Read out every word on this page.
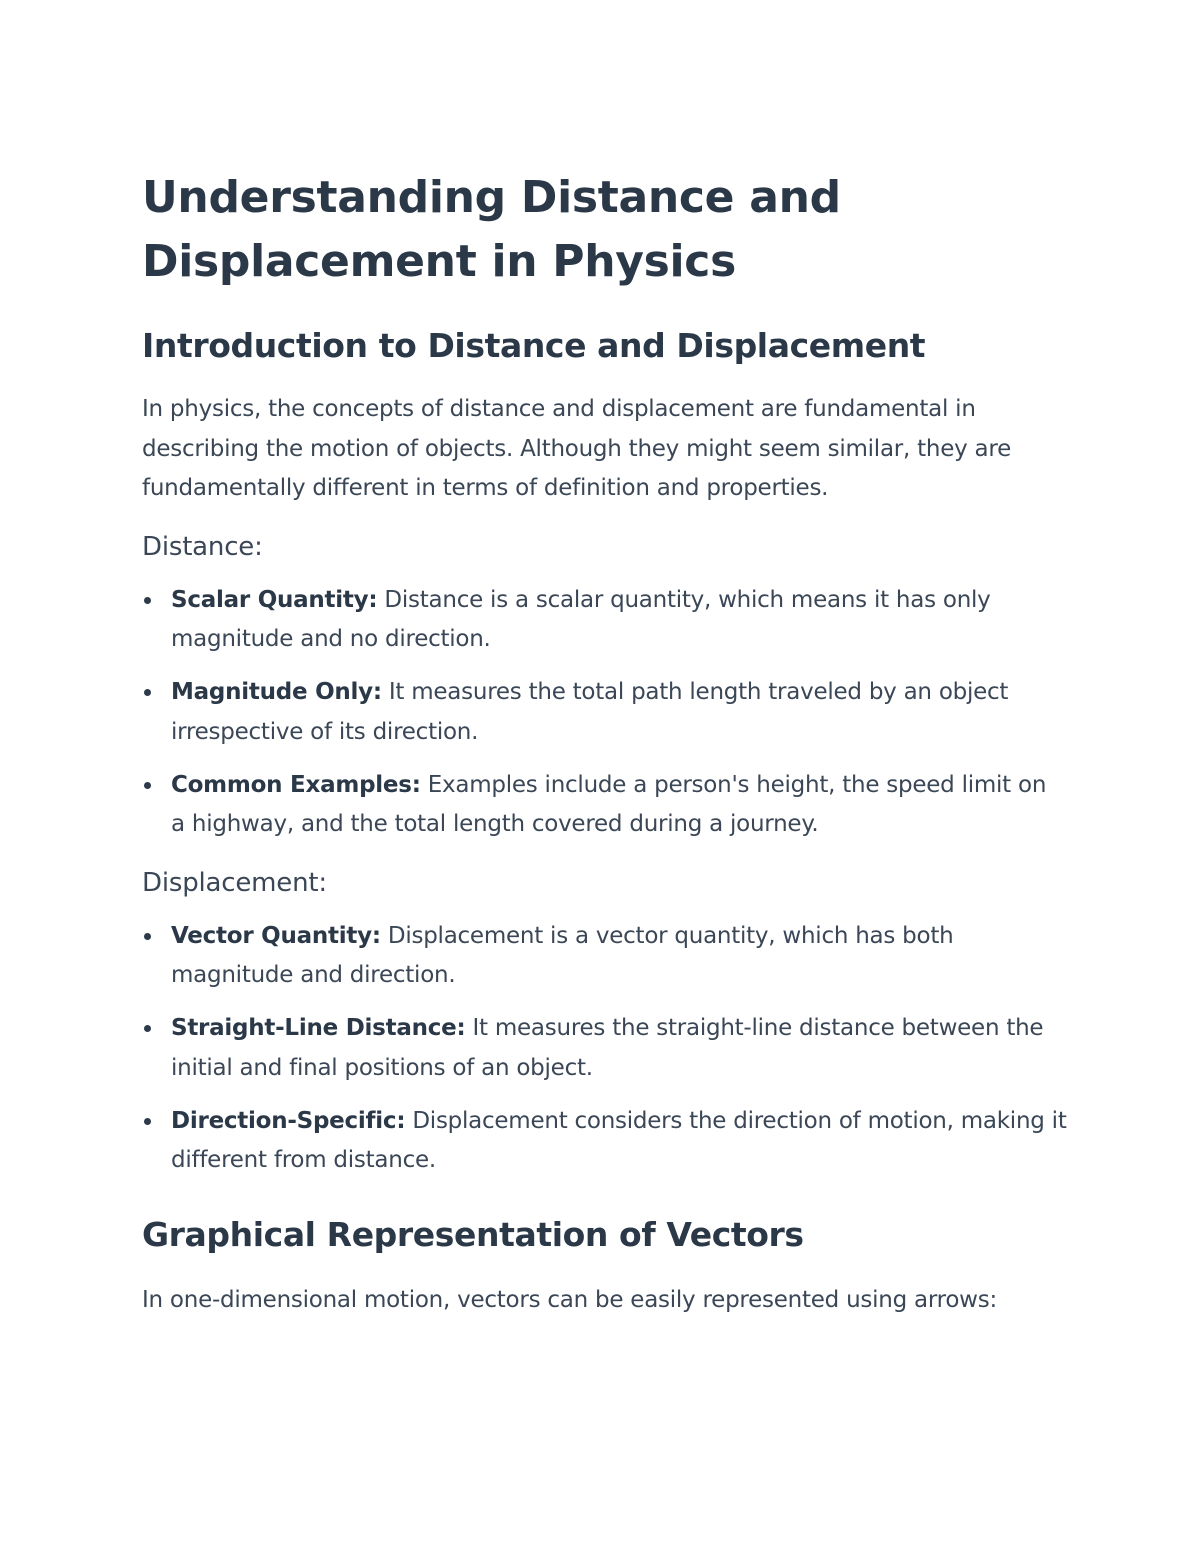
Understanding Distance and Displacement in Physics
Introduction to Distance and Displacement

In physics, the concepts of distance and displacement are fundamental in describing the motion of objects. Although they might seem similar, they are fundamentally different in terms of definition and properties.

Distance:
Scalar Quantity: Distance is a scalar quantity, which means it has only magnitude and no direction.
Magnitude Only: It measures the total path length traveled by an object irrespective of its direction.
Common Examples: Examples include a person's height, the speed limit on a highway, and the total length covered during a journey.
Displacement:
Vector Quantity: Displacement is a vector quantity, which has both magnitude and direction.
Straight-Line Distance: It measures the straight-line distance between the initial and final positions of an object.
Direction-Specific: Displacement considers the direction of motion, making it different from distance.
Graphical Representation of Vectors

In one-dimensional motion, vectors can be easily represented using arrows:
